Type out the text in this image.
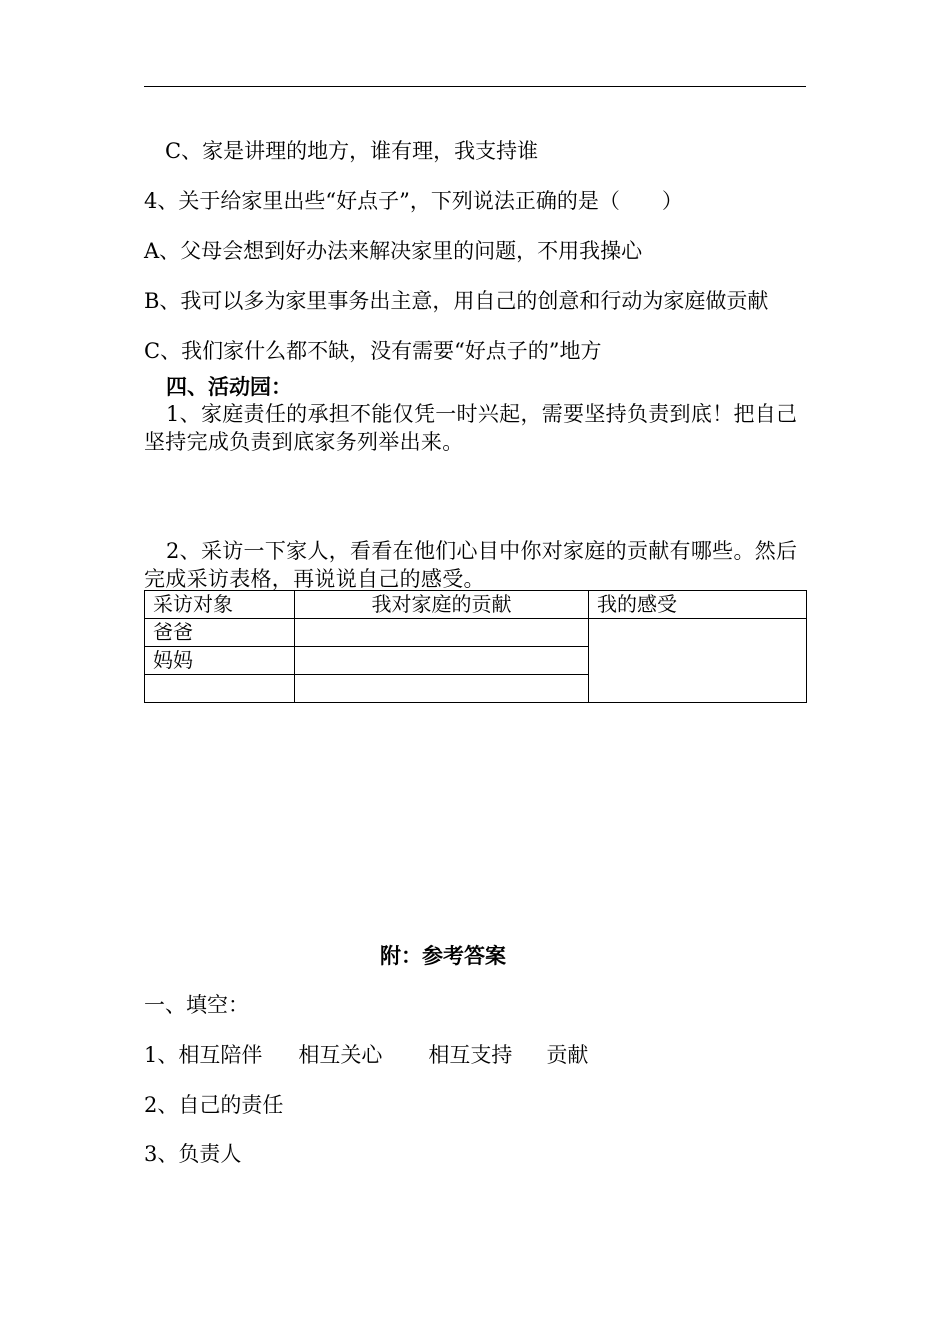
C、家是讲理的地方，谁有理，我支持谁
4、关于给家里出些“好点子”，下列说法正确的是（　　）
A、父母会想到好办法来解决家里的问题，不用我操心
B、我可以多为家里事务出主意，用自己的创意和行动为家庭做贡献
C、我们家什么都不缺，没有需要“好点子的”地方
四、活动园：
1、家庭责任的承担不能仅凭一时兴起，需要坚持负责到底！把自己坚持完成负责到底家务列举出来。
2、采访一下家人，看看在他们心目中你对家庭的贡献有哪些。然后完成采访表格，再说说自己的感受。
采访对象	我对家庭的贡献	我的感受
爸爸		
妈妈		

附：参考答案
一、填空：
1、相互陪伴 相互关心 相互支持 贡献
2、自己的责任
3、负责人
